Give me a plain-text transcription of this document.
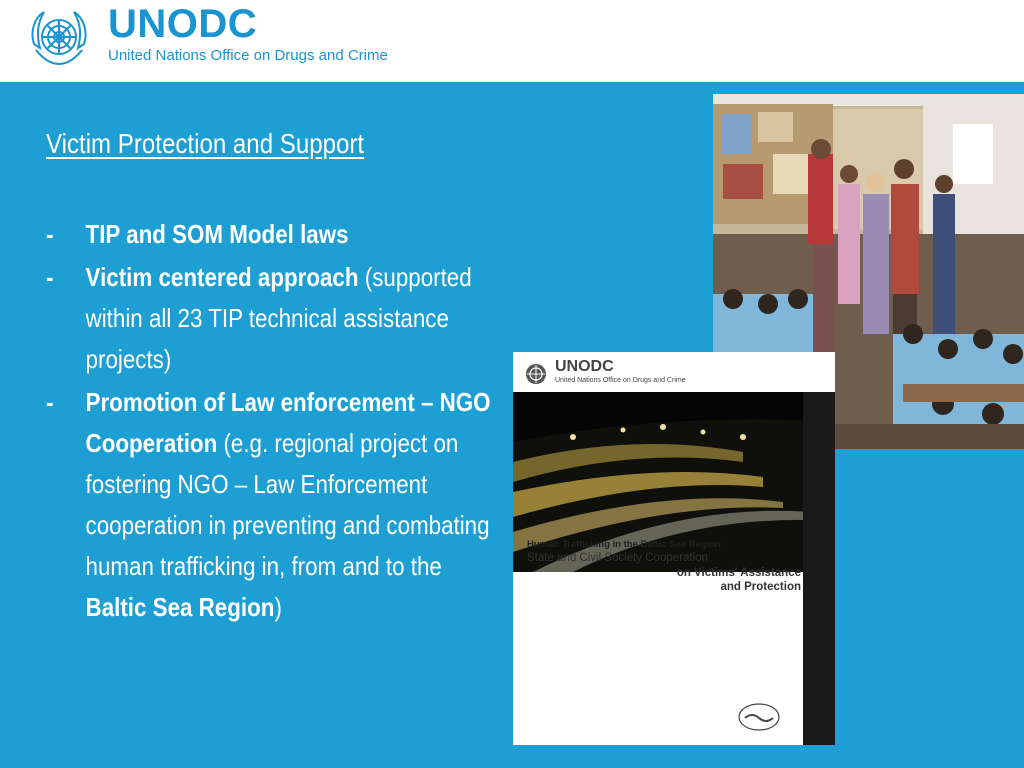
UNODC
United Nations Office on Drugs and Crime
Victim Protection and Support
- TIP and SOM Model laws
- Victim centered approach (supported within all 23 TIP technical assistance projects)
- Promotion of Law enforcement – NGO Cooperation (e.g. regional project on fostering NGO – Law Enforcement cooperation in preventing and combating human trafficking in, from and to the Baltic Sea Region)
UNODC
United Nations Office on Drugs and Crime
Human Trafficking in the Baltic Sea Region:
State and Civil Society Cooperation
on Victims' Assistance
and Protection
